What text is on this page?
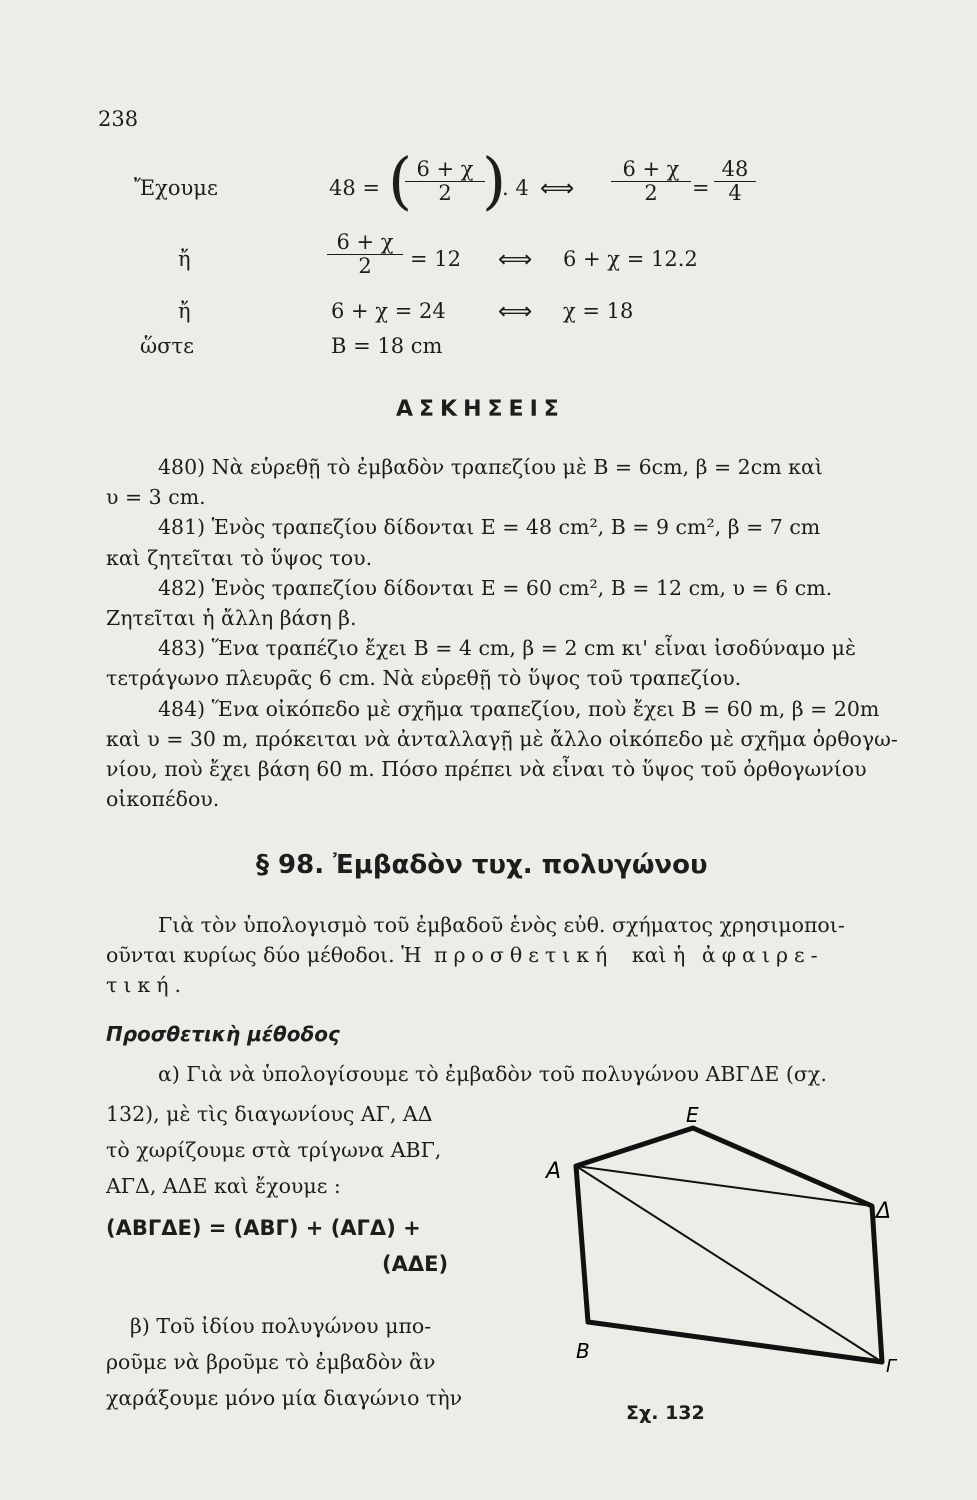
238
Ἔχουμε	48 = (
$\frac{6 + \chi}{2}$
)
. 4 ⟺ $\frac{6 + \chi}{2} = \frac{48}{4}$
ἤ	$\frac{6 + \chi}{2} = 12$ ⟺ 6 + χ = 12.2
ἤ	6 + χ = 24 ⟺ χ = 18
ὥστε	Β = 18 cm
ΑΣΚΗΣΕΙΣ

480) Νὰ εὑρεθῇ τὸ ἐμβαδὸν τραπεζίου μὲ Β = 6cm, β = 2cm καὶ

υ = 3 cm.

481) Ἑνὸς τραπεζίου δίδονται Ε = 48 cm², Β = 9 cm², β = 7 cm

καὶ ζητεῖται τὸ ὕψος του.

482) Ἑνὸς τραπεζίου δίδονται Ε = 60 cm², Β = 12 cm, υ = 6 cm.

Ζητεῖται ἡ ἄλλη βάση β.

483) Ἕνα τραπέζιο ἔχει Β = 4 cm, β = 2 cm κι' εἶναι ἰσοδύναμο μὲ

τετράγωνο πλευρᾶς 6 cm. Νὰ εὑρεθῇ τὸ ὕψος τοῦ τραπεζίου.

484) Ἕνα οἰκόπεδο μὲ σχῆμα τραπεζίου, ποὺ ἔχει Β = 60 m, β = 20m

καὶ υ = 30 m, πρόκειται νὰ ἀνταλλαγῇ μὲ ἄλλο οἰκόπεδο μὲ σχῆμα ὀρθογω-

νίου, ποὺ ἔχει βάση 60 m. Πόσο πρέπει νὰ εἶναι τὸ ὕψος τοῦ ὀρθογωνίου

οἰκοπέδου.

§ 98. Ἐμβαδὸν τυχ. πολυγώνου

Γιὰ τὸν ὑπολογισμὸ τοῦ ἐμβαδοῦ ἑνὸς εὐθ. σχήματος χρησιμοποι-

οῦνται κυρίως δύο μέθοδοι. Ἡ προσθετική καὶ ἡ ἀφαιρε-

τική.

Προσθετικὴ μέθοδος
α) Γιὰ νὰ ὑπολογίσουμε τὸ ἐμβαδὸν τοῦ πολυγώνου ΑΒΓΔΕ (σχ.
132), μὲ τὶς διαγωνίους ΑΓ, ΑΔ
τὸ χωρίζουμε στὰ τρίγωνα ΑΒΓ,
ΑΓΔ, ΑΔΕ καὶ ἔχουμε :
(ΑΒΓΔΕ) = (ΑΒΓ) + (ΑΓΔ) +
(ΑΔΕ)
β) Τοῦ ἰδίου πολυγώνου μπο-
ροῦμε νὰ βροῦμε τὸ ἐμβαδὸν ἂν
χαράξουμε μόνο μία διαγώνιο τὴν
A
E
Δ
B
Γ
Σχ. 132
